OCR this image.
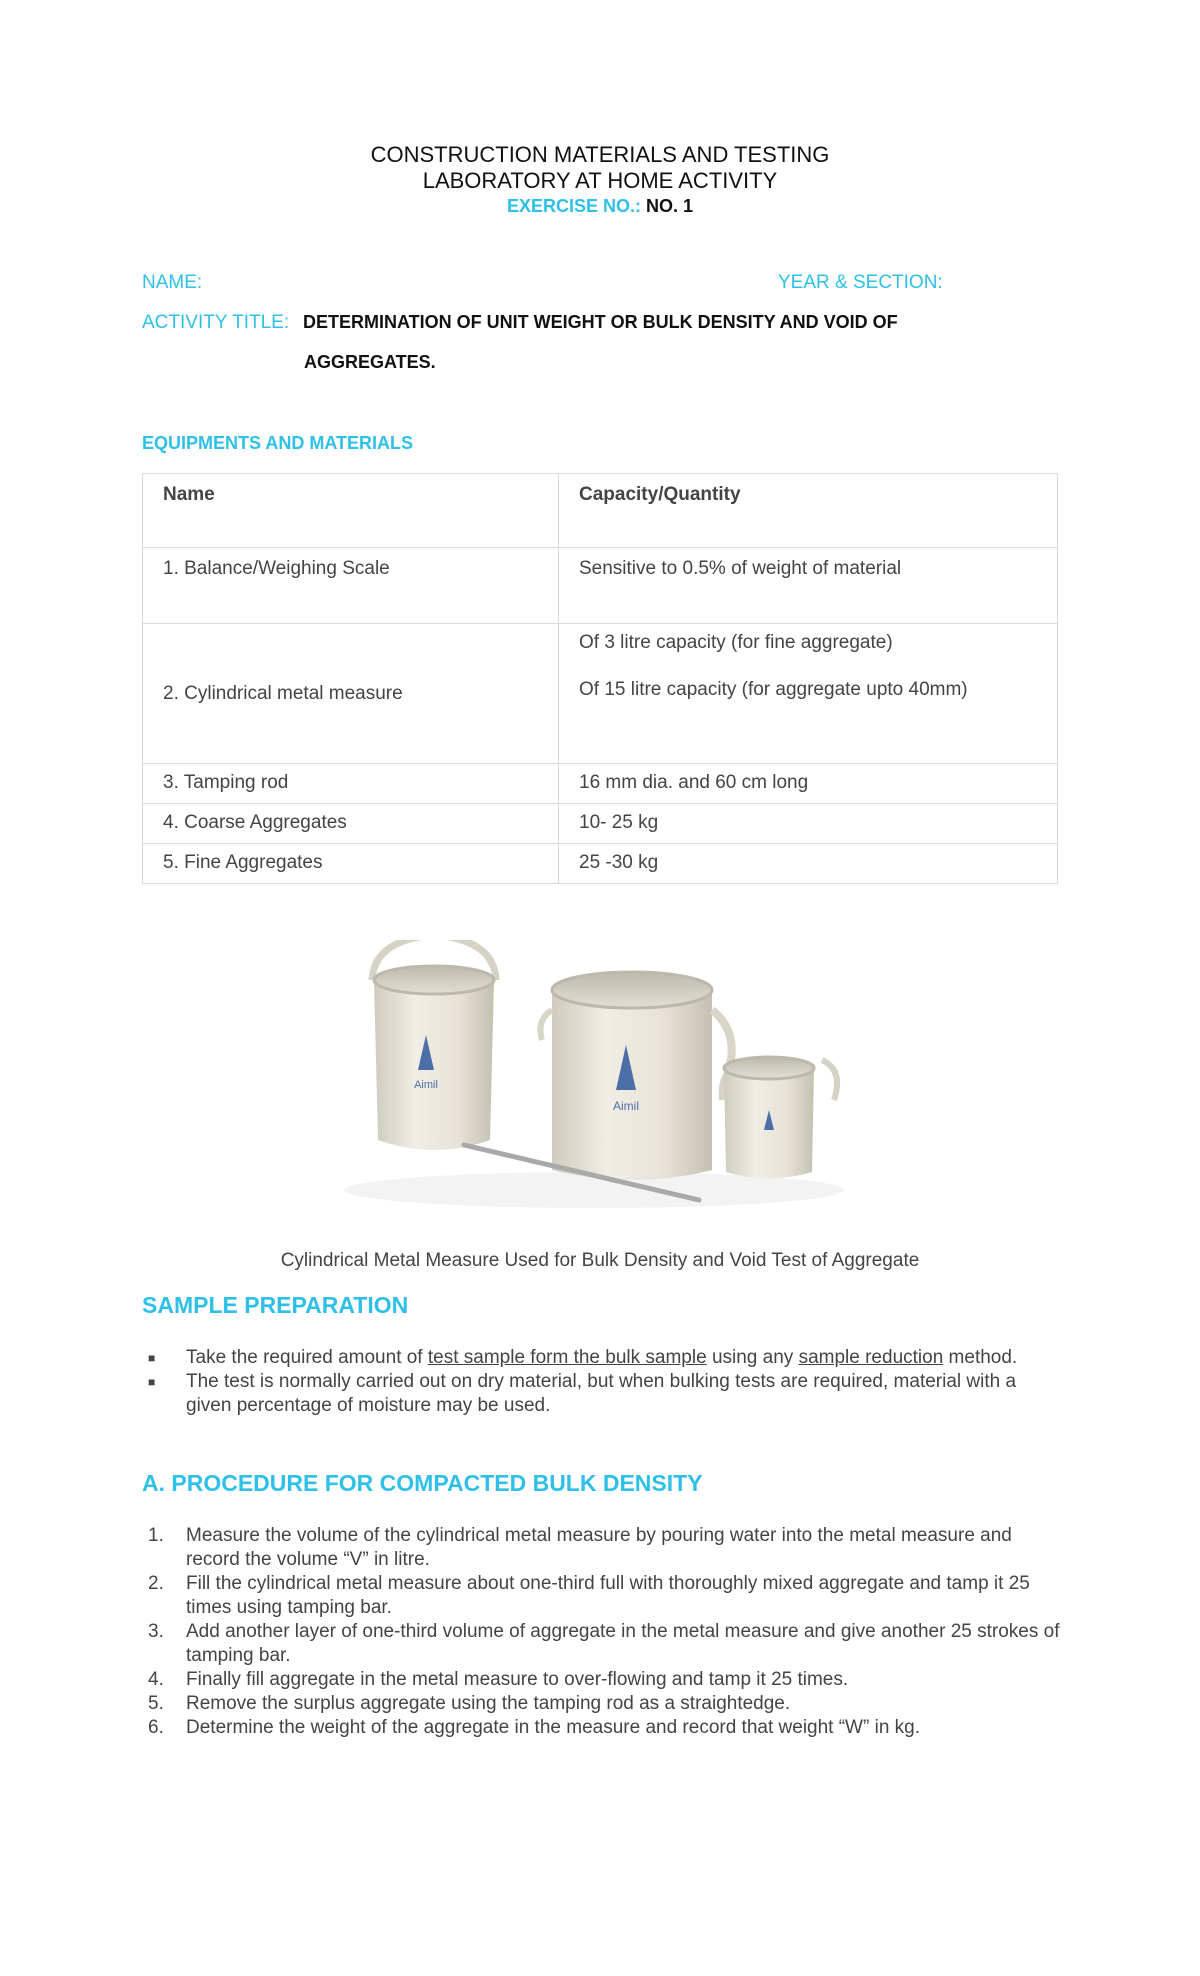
CONSTRUCTION MATERIALS AND TESTING
LABORATORY AT HOME ACTIVITY
EXERCISE NO.: NO. 1
NAME:	YEAR & SECTION:
ACTIVITY TITLE: DETERMINATION OF UNIT WEIGHT OR BULK DENSITY AND VOID OF
AGGREGATES.
EQUIPMENTS AND MATERIALS
Name	Capacity/Quantity
1. Balance/Weighing Scale	Sensitive to 0.5% of weight of material
2. Cylindrical metal measure	Of 3 litre capacity (for fine aggregate)
Of 15 litre capacity (for aggregate upto 40mm)

3. Tamping rod	16 mm dia. and 60 cm long
4. Coarse Aggregates	10- 25 kg
5. Fine Aggregates	25 -30 kg
Aimil
Aimil
Cylindrical Metal Measure Used for Bulk Density and Void Test of Aggregate
SAMPLE PREPARATION
■ Take the required amount of test sample form the bulk sample using any sample reduction method.
■ The test is normally carried out on dry material, but when bulking tests are required, material with a given percentage of moisture may be used.
A. PROCEDURE FOR COMPACTED BULK DENSITY
1. Measure the volume of the cylindrical metal measure by pouring water into the metal measure and record the volume “V” in litre.
2. Fill the cylindrical metal measure about one-third full with thoroughly mixed aggregate and tamp it 25 times using tamping bar.
3. Add another layer of one-third volume of aggregate in the metal measure and give another 25 strokes of tamping bar.
4. Finally fill aggregate in the metal measure to over-flowing and tamp it 25 times.
5. Remove the surplus aggregate using the tamping rod as a straightedge.
6. Determine the weight of the aggregate in the measure and record that weight “W” in kg.
